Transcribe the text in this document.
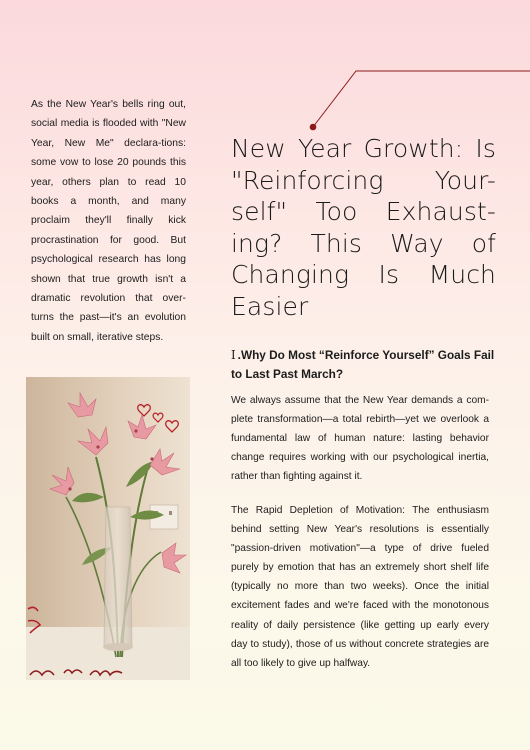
As the New Year's bells ring out, social media is flooded with "New Year, New Me" declara-tions: some vow to lose 20 pounds this year, others plan to read 10 books a month, and many proclaim they'll finally kick procrastination for good. But psychological research has long shown that true growth isn't a dramatic revolution that over-turns the past—it's an evolution built on small, iterative steps.
New Year Growth: Is "Reinforcing Your-self" Too Exhaust-ing? This Way of Changing Is Much Easier
Ⅰ .Why Do Most “Reinforce Yourself” Goals Fail to Last Past March?
We always assume that the New Year demands a com-plete transformation—a total rebirth—yet we overlook a fundamental law of human nature: lasting behavior change requires working with our psychological inertia, rather than fighting against it.
The Rapid Depletion of Motivation: The enthusiasm behind setting New Year's resolutions is essentially "passion-driven motivation"—a type of drive fueled purely by emotion that has an extremely short shelf life (typically no more than two weeks). Once the initial excitement fades and we're faced with the monotonous reality of daily persistence (like getting up early every day to study), those of us without concrete strategies are all too likely to give up halfway.
